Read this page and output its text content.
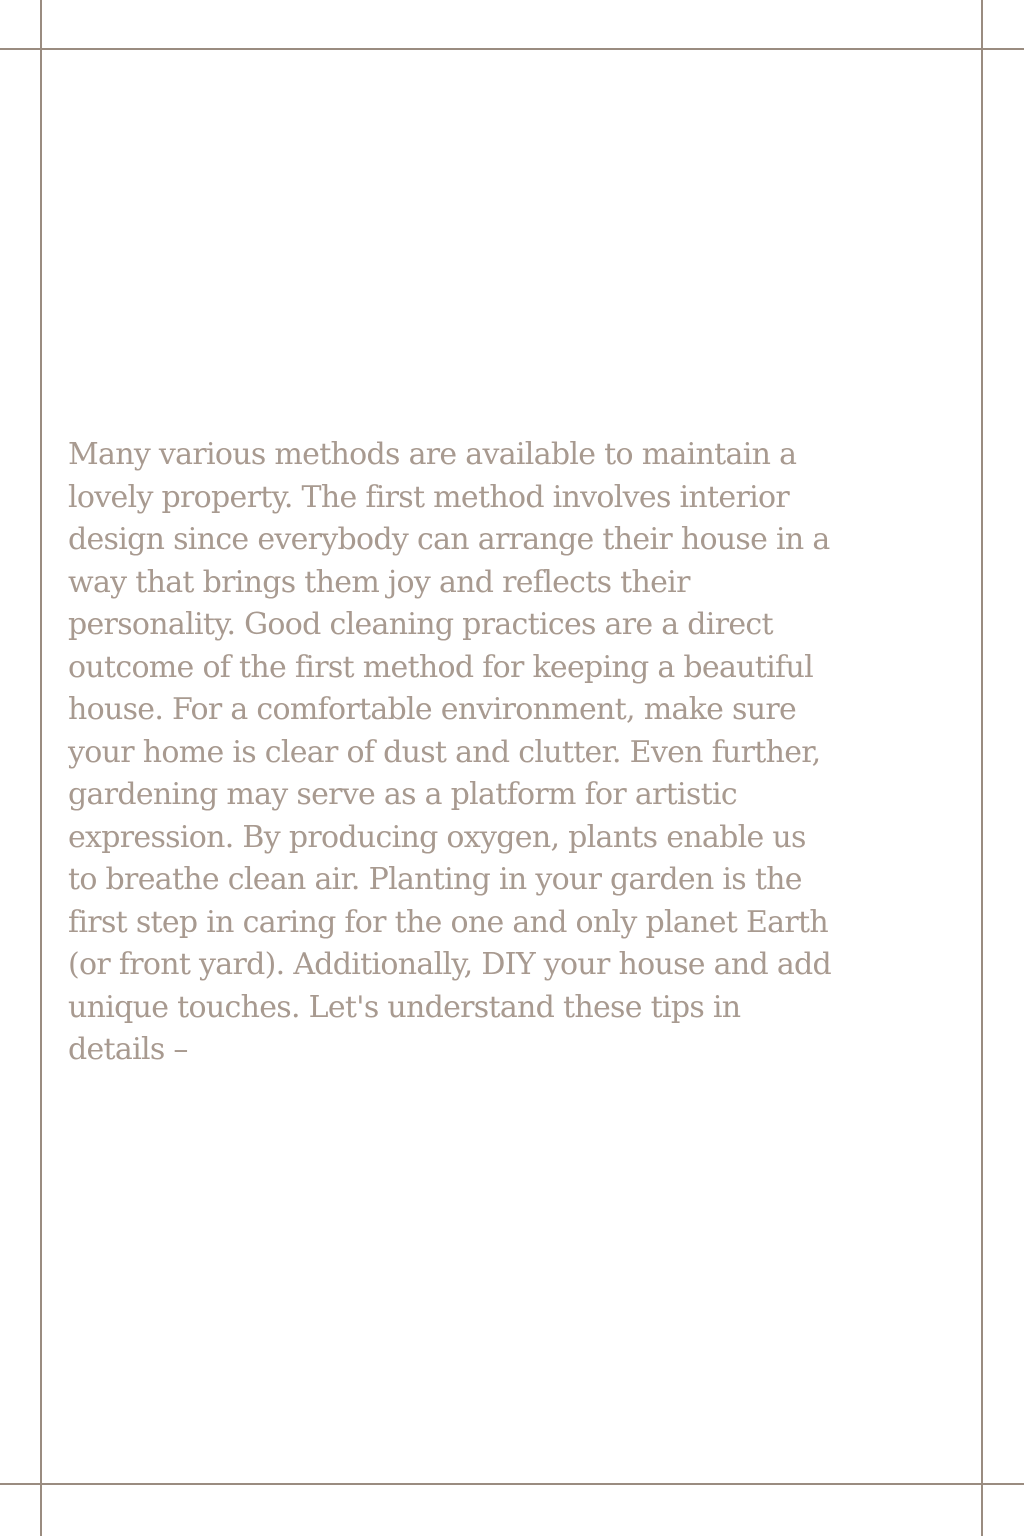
Many various methods are available to maintain a
lovely property. The first method involves interior
design since everybody can arrange their house in a
way that brings them joy and reflects their
personality. Good cleaning practices are a direct
outcome of the first method for keeping a beautiful
house. For a comfortable environment, make sure
your home is clear of dust and clutter. Even further,
gardening may serve as a platform for artistic
expression. By producing oxygen, plants enable us
to breathe clean air. Planting in your garden is the
first step in caring for the one and only planet Earth
(or front yard). Additionally, DIY your house and add
unique touches. Let's understand these tips in
details –
